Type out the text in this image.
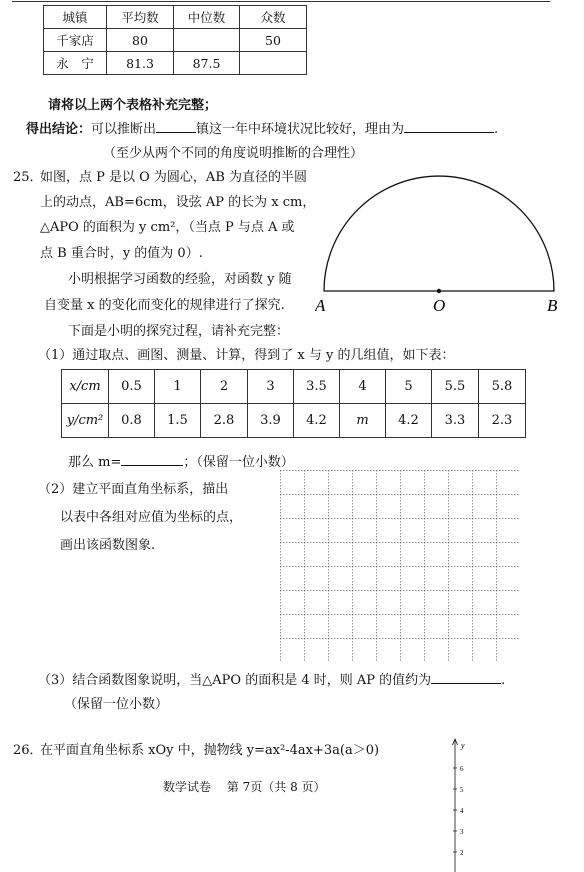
城镇	平均数	中位数	众数
千家店	80		50
永　宁	81.3	87.5	
请将以上两个表格补充完整；
得出结论：可以推断出	镇这一年中环境状况比较好，理由为	.
（至少从两个不同的角度说明推断的合理性）
25．
如图，点 P 是以 O 为圆心，AB 为直径的半圆
上的动点，AB=6cm，设弦 AP 的长为 x cm，
△APO 的面积为 y cm²，（当点 P 与点 A 或
点 B 重合时，y 的值为 0）.
小明根据学习函数的经验，对函数 y 随
自变量 x 的变化而变化的规律进行了探究.
下面是小明的探究过程，请补充完整：
A	O	B
（1）通过取点、画图、测量、计算，得到了 x 与 y 的几组值，如下表：
x/cm	0.5	1	2	3	3.5	4	5	5.5	5.8
y/cm²	0.8	1.5	2.8	3.9	4.2	m	4.2	3.3	2.3
那么 m=	；（保留一位小数）
（2）建立平面直角坐标系，描出
以表中各组对应值为坐标的点，
画出该函数图象.
（3）结合函数图象说明，当△APO 的面积是 4 时，则 AP 的值约为	.
（保留一位小数）
26．
在平面直角坐标系 xOy 中，抛物线 y=ax²-4ax+3a(a＞0)
数学试卷　 第 7页（共 8 页）
y
6
5
4
3
2
